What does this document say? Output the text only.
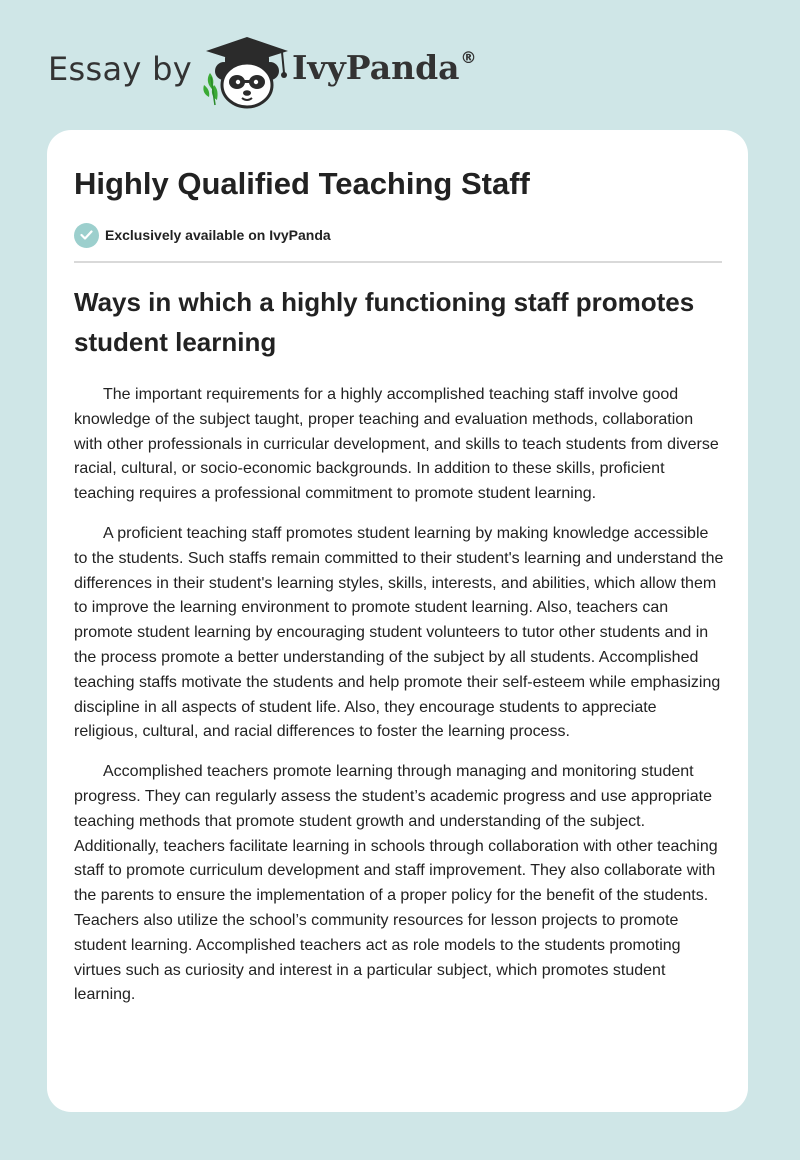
Essay by	IvyPanda®
Highly Qualified Teaching Staff
Exclusively available on IvyPanda
Ways in which a highly functioning staff promotes student learning

The important requirements for a highly accomplished teaching staff involve good knowledge of the subject taught, proper teaching and evaluation methods, collaboration with other professionals in curricular development, and skills to teach students from diverse racial, cultural, or socio-economic backgrounds. In addition to these skills, proficient teaching requires a professional commitment to promote student learning.

A proficient teaching staff promotes student learning by making knowledge accessible to the students. Such staffs remain committed to their student's learning and understand the differences in their student's learning styles, skills, interests, and abilities, which allow them to improve the learning environment to promote student learning. Also, teachers can promote student learning by encouraging student volunteers to tutor other students and in the process promote a better understanding of the subject by all students. Accomplished teaching staffs motivate the students and help promote their self-esteem while emphasizing discipline in all aspects of student life. Also, they encourage students to appreciate religious, cultural, and racial differences to foster the learning process.

Accomplished teachers promote learning through managing and monitoring student progress. They can regularly assess the student’s academic progress and use appropriate teaching methods that promote student growth and understanding of the subject. Additionally, teachers facilitate learning in schools through collaboration with other teaching staff to promote curriculum development and staff improvement. They also collaborate with the parents to ensure the implementation of a proper policy for the benefit of the students. Teachers also utilize the school’s community resources for lesson projects to promote student learning. Accomplished teachers act as role models to the students promoting virtues such as curiosity and interest in a particular subject, which promotes student learning.
